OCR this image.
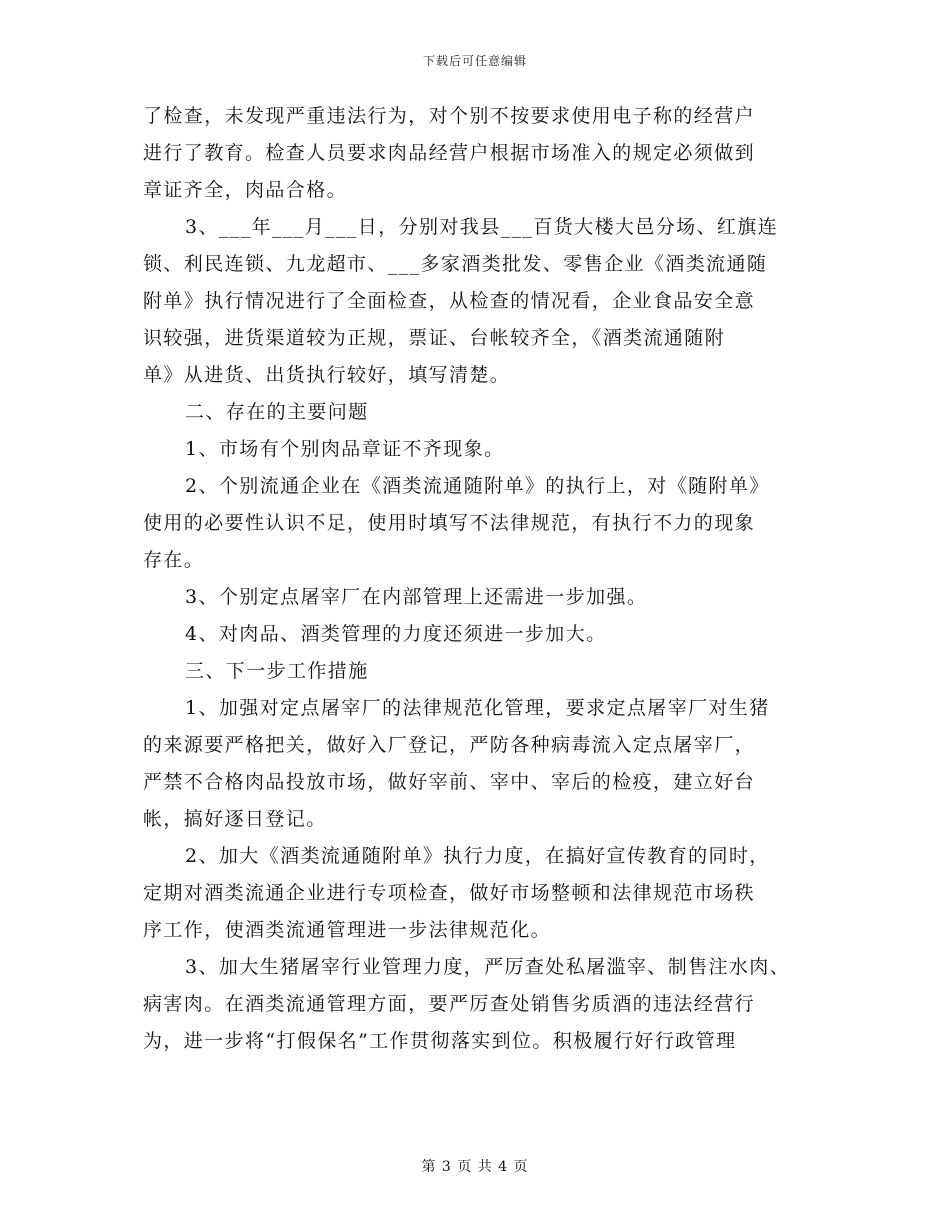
下载后可任意编辑
了检查，未发现严重违法行为，对个别不按要求使用电子称的经营户
进行了教育。检查人员要求肉品经营户根据市场准入的规定必须做到
章证齐全，肉品合格。
3、___年___月___日，分别对我县___百货大楼大邑分场、红旗连
锁、利民连锁、九龙超市、___多家酒类批发、零售企业《酒类流通随
附单》执行情况进行了全面检查，从检查的情况看，企业食品安全意
识较强，进货渠道较为正规，票证、台帐较齐全，《酒类流通随附
单》从进货、出货执行较好，填写清楚。
二、存在的主要问题
1、市场有个别肉品章证不齐现象。
2、个别流通企业在《酒类流通随附单》的执行上，对《随附单》
使用的必要性认识不足，使用时填写不法律规范，有执行不力的现象
存在。
3、个别定点屠宰厂在内部管理上还需进一步加强。
4、对肉品、酒类管理的力度还须进一步加大。
三、下一步工作措施
1、加强对定点屠宰厂的法律规范化管理，要求定点屠宰厂对生猪
的来源要严格把关，做好入厂登记，严防各种病毒流入定点屠宰厂，
严禁不合格肉品投放市场，做好宰前、宰中、宰后的检疫，建立好台
帐，搞好逐日登记。
2、加大《酒类流通随附单》执行力度，在搞好宣传教育的同时，
定期对酒类流通企业进行专项检查，做好市场整顿和法律规范市场秩
序工作，使酒类流通管理进一步法律规范化。
3、加大生猪屠宰行业管理力度，严厉查处私屠滥宰、制售注水肉、
病害肉。在酒类流通管理方面，要严厉查处销售劣质酒的违法经营行
为，进一步将“打假保名”工作贯彻落实到位。积极履行好行政管理
第 3 页 共 4 页
